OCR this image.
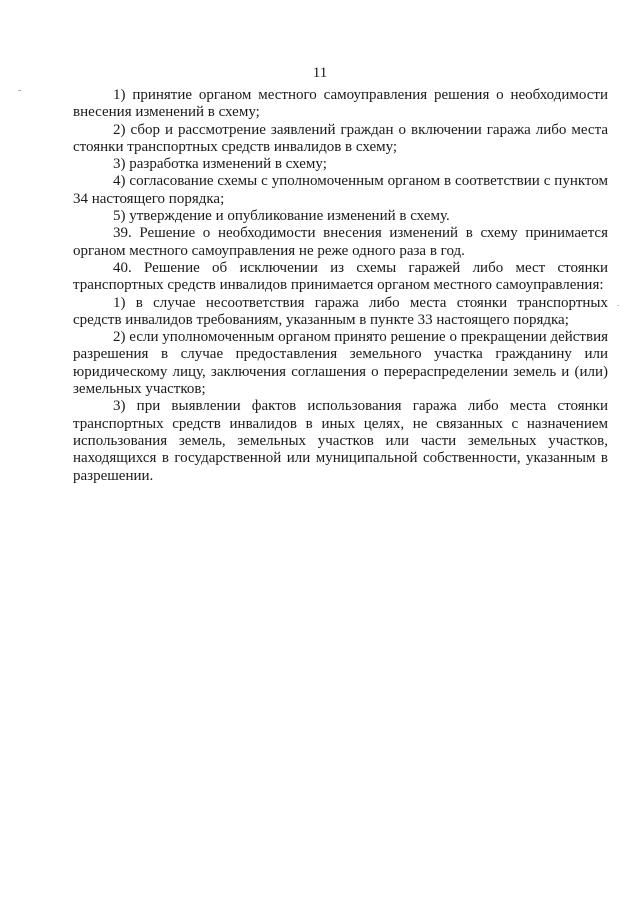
11

1) принятие органом местного самоуправления решения о необходимости внесения изменений в схему;

2) сбор и рассмотрение заявлений граждан о включении гаража либо места стоянки транспортных средств инвалидов в схему;

3) разработка изменений в схему;

4) согласование схемы с уполномоченным органом в соответствии с пунктом 34 настоящего порядка;

5) утверждение и опубликование изменений в схему.

39. Решение о необходимости внесения изменений в схему принимается органом местного самоуправления не реже одного раза в год.

40. Решение об исключении из схемы гаражей либо мест стоянки транспортных средств инвалидов принимается органом местного самоуправления:

1) в случае несоответствия гаража либо места стоянки транспортных средств инвалидов требованиям, указанным в пункте 33 настоящего порядка;

2) если уполномоченным органом принято решение о прекращении действия разрешения в случае предоставления земельного участка гражданину или юридическому лицу, заключения соглашения о перераспределении земель и (или) земельных участков;

3) при выявлении фактов использования гаража либо места стоянки транспортных средств инвалидов в иных целях, не связанных с назначением использования земель, земельных участков или части земельных участков, находящихся в государственной или муниципальной собственности, указанным в разрешении.
